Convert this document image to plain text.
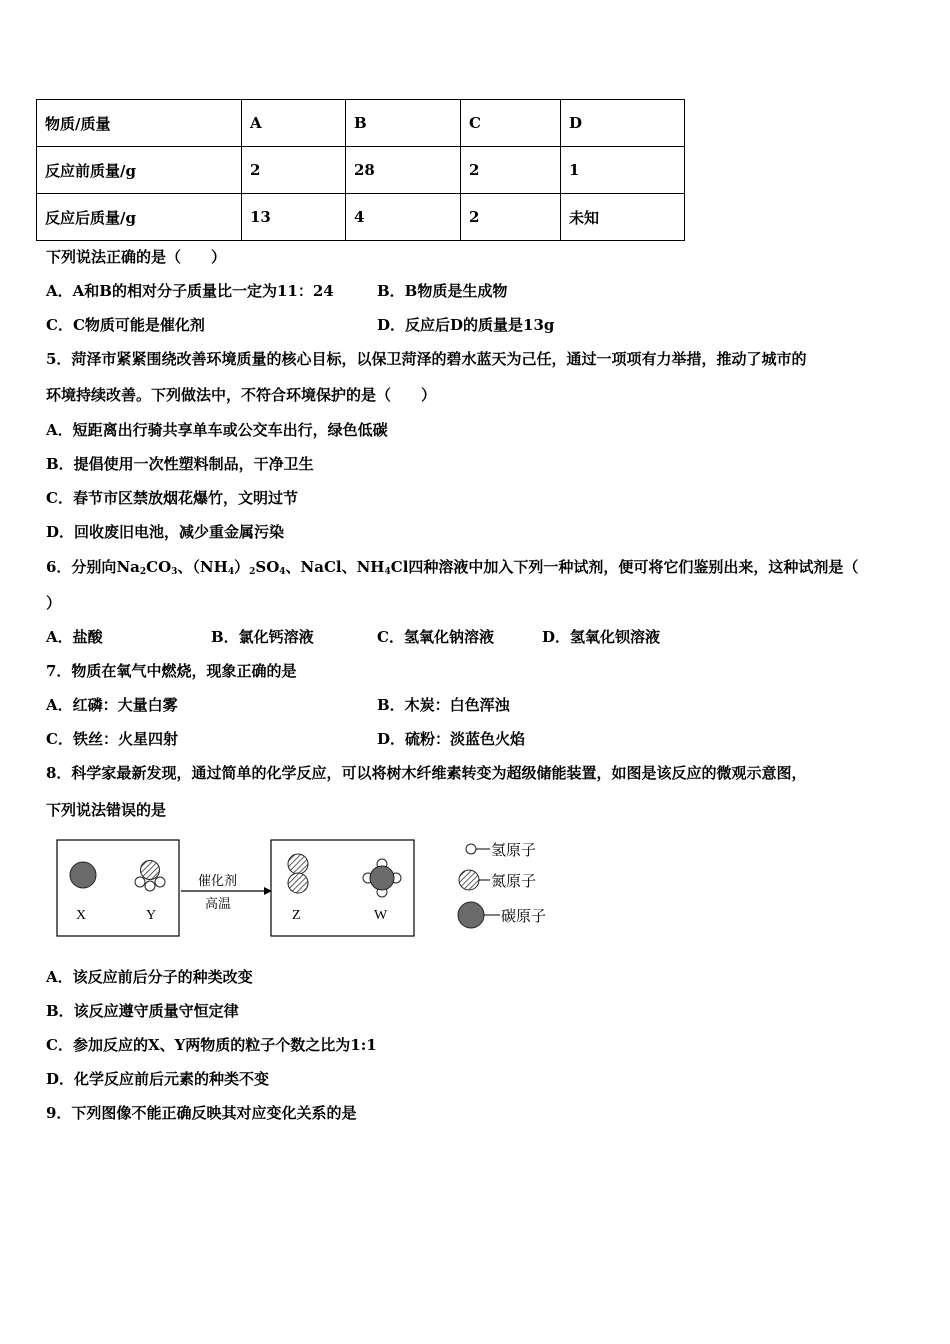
物质/质量	A	B	C	D
反应前质量/g	2	28	2	1
反应后质量/g	13	4	2	未知
下列说法正确的是（　　）
A．A和B的相对分子质量比一定为11：24	B．B物质是生成物
C．C物质可能是催化剂	D．反应后D的质量是13g
5．菏泽市紧紧围绕改善环境质量的核心目标，以保卫菏泽的碧水蓝天为己任，通过一项项有力举措，推动了城市的
环境持续改善。下列做法中，不符合环境保护的是（　　）
A．短距离出行骑共享单车或公交车出行，绿色低碳
B．提倡使用一次性塑料制品，干净卫生
C．春节市区禁放烟花爆竹，文明过节
D．回收废旧电池，减少重金属污染
6．分别向$Na_2CO_3$、$(NH_4)_2SO_4$、NaCl、$NH_4Cl$四种溶液中加入下列一种试剂，便可将它们鉴别出来，这种试剂是（
）
A．盐酸	B．氯化钙溶液	C．氢氧化钠溶液	D．氢氧化钡溶液
7．物质在氧气中燃烧，现象正确的是
A．红磷：大量白雾	B．木炭：白色浑浊
C．铁丝：火星四射	D．硫粉：淡蓝色火焰
8．科学家最新发现，通过简单的化学反应，可以将树木纤维素转变为超级储能装置，如图是该反应的微观示意图，
下列说法错误的是
X	Y
催化剂
高温
Z	W
氢原子
氮原子
碳原子
A．该反应前后分子的种类改变
B．该反应遵守质量守恒定律
C．参加反应的X、Y两物质的粒子个数之比为1:1
D．化学反应前后元素的种类不变
9．下列图像不能正确反映其对应变化关系的是
